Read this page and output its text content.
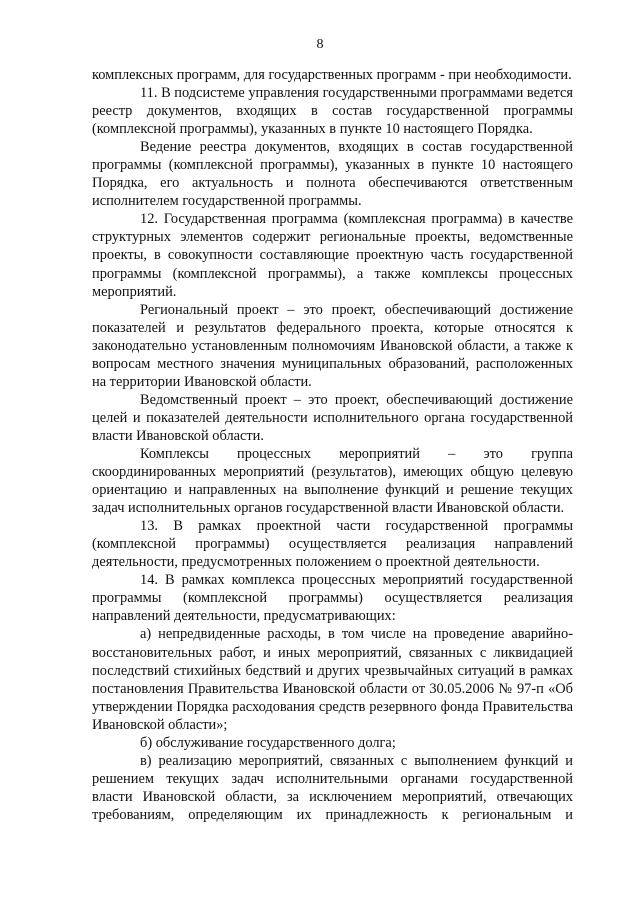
8

комплексных программ, для государственных программ - при необходимости.

11. В подсистеме управления государственными программами ведется реестр документов, входящих в состав государственной программы (комплексной программы), указанных в пункте 10 настоящего Порядка.

Ведение реестра документов, входящих в состав государственной программы (комплексной программы), указанных в пункте 10 настоящего Порядка, его актуальность и полнота обеспечиваются ответственным исполнителем государственной программы.

12. Государственная программа (комплексная программа) в качестве структурных элементов содержит региональные проекты, ведомственные проекты, в совокупности составляющие проектную часть государственной программы (комплексной программы), а также комплексы процессных мероприятий.

Региональный проект – это проект, обеспечивающий достижение показателей и результатов федерального проекта, которые относятся к законодательно установленным полномочиям Ивановской области, а также к вопросам местного значения муниципальных образований, расположенных на территории Ивановской области.

Ведомственный проект – это проект, обеспечивающий достижение целей и показателей деятельности исполнительного органа государственной власти Ивановской области.

Комплексы процессных мероприятий – это группа скоординированных мероприятий (результатов), имеющих общую целевую ориентацию и направленных на выполнение функций и решение текущих задач исполнительных органов государственной власти Ивановской области.

13. В рамках проектной части государственной программы (комплексной программы) осуществляется реализация направлений деятельности, предусмотренных положением о проектной деятельности.

14. В рамках комплекса процессных мероприятий государственной программы (комплексной программы) осуществляется реализация направлений деятельности, предусматривающих:

а) непредвиденные расходы, в том числе на проведение аварийно-восстановительных работ, и иных мероприятий, связанных с ликвидацией последствий стихийных бедствий и других чрезвычайных ситуаций в рамках постановления Правительства Ивановской области от 30.05.2006 № 97-п «Об утверждении Порядка расходования средств резервного фонда Правительства Ивановской области»;

б) обслуживание государственного долга;

в) реализацию мероприятий, связанных с выполнением функций и решением текущих задач исполнительными органами государственной власти Ивановской области, за исключением мероприятий, отвечающих требованиям, определяющим их принадлежность к региональным и
